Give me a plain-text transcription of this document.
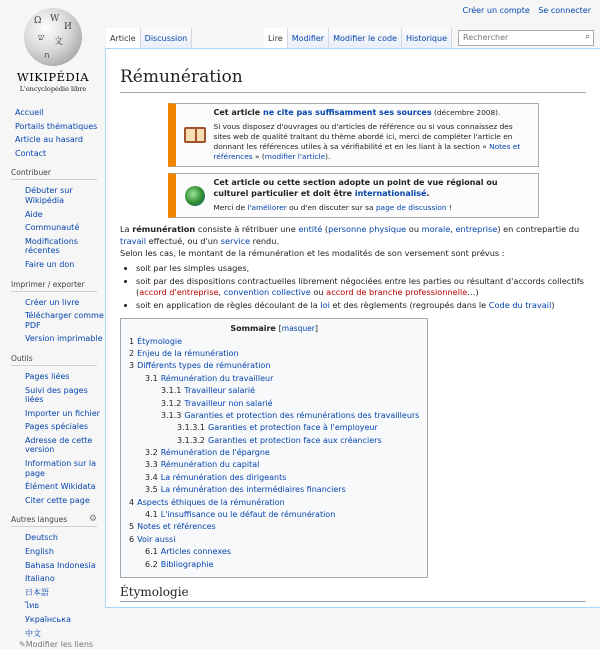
Créer un compte Se connecter
Ω W
И
ש 文
ก
WIKIPÉDIA
L'encyclopédie libre
Accueil
Portails thématiques
Article au hasard
Contact
Contribuer
Débuter sur Wikipédia
Aide
Communauté
Modifications récentes
Faire un don
Imprimer / exporter
Créer un livre
Télécharger comme PDF
Version imprimable
Outils
Pages liées
Suivi des pages liées
Importer un fichier
Pages spéciales
Adresse de cette version
Information sur la page
Élément Wikidata
Citer cette page
Autres langues ⚙
Deutsch
English
Bahasa Indonesia
Italiano
日本語
ไทย
Українська
中文
✎Modifier les liens
Article	Discussion	Lire	Modifier	Modifier le code	Historique	Rechercher	⌕
Rémunération
Cet article ne cite pas suffisamment ses sources (décembre 2008).
Si vous disposez d'ouvrages ou d'articles de référence ou si vous connaissez des sites web de qualité traitant du thème abordé ici, merci de compléter l'article en donnant les références utiles à sa vérifiabilité et en les liant à la section « Notes et références » (modifier l'article).
Cet article ou cette section adopte un point de vue régional ou culturel particulier et doit être internationalisé.
Merci de l'améliorer ou d'en discuter sur sa page de discussion !

La rémunération consiste à rétribuer une entité (personne physique ou morale, entreprise) en contrepartie du travail effectué, ou d'un service rendu.
Selon les cas, le montant de la rémunération et les modalités de son versement sont prévus :

• soit par les simples usages,
• soit par des dispositions contractuelles librement négociées entre les parties ou résultant d'accords collectifs (accord d'entreprise, convention collective ou accord de branche professionnelle…)
• soit en application de règles découlant de la loi et des règlements (regroupés dans le Code du travail)
Sommaire [masquer]
1 Étymologie
2 Enjeu de la rémunération
3 Différents types de rémunération
3.1 Rémunération du travailleur
3.1.1 Travailleur salarié
3.1.2 Travailleur non salarié
3.1.3 Garanties et protection des rémunérations des travailleurs
3.1.3.1 Garanties et protection face à l'employeur
3.1.3.2 Garanties et protection face aux créanciers
3.2 Rémunération de l'épargne
3.3 Rémunération du capital
3.4 La rémunération des dirigeants
3.5 La rémunération des intermédiaires financiers
4 Aspects éthiques de la rémunération
4.1 L'insuffisance ou le défaut de rémunération
5 Notes et références
6 Voir aussi
6.1 Articles connexes
6.2 Bibliographie
Étymologie
